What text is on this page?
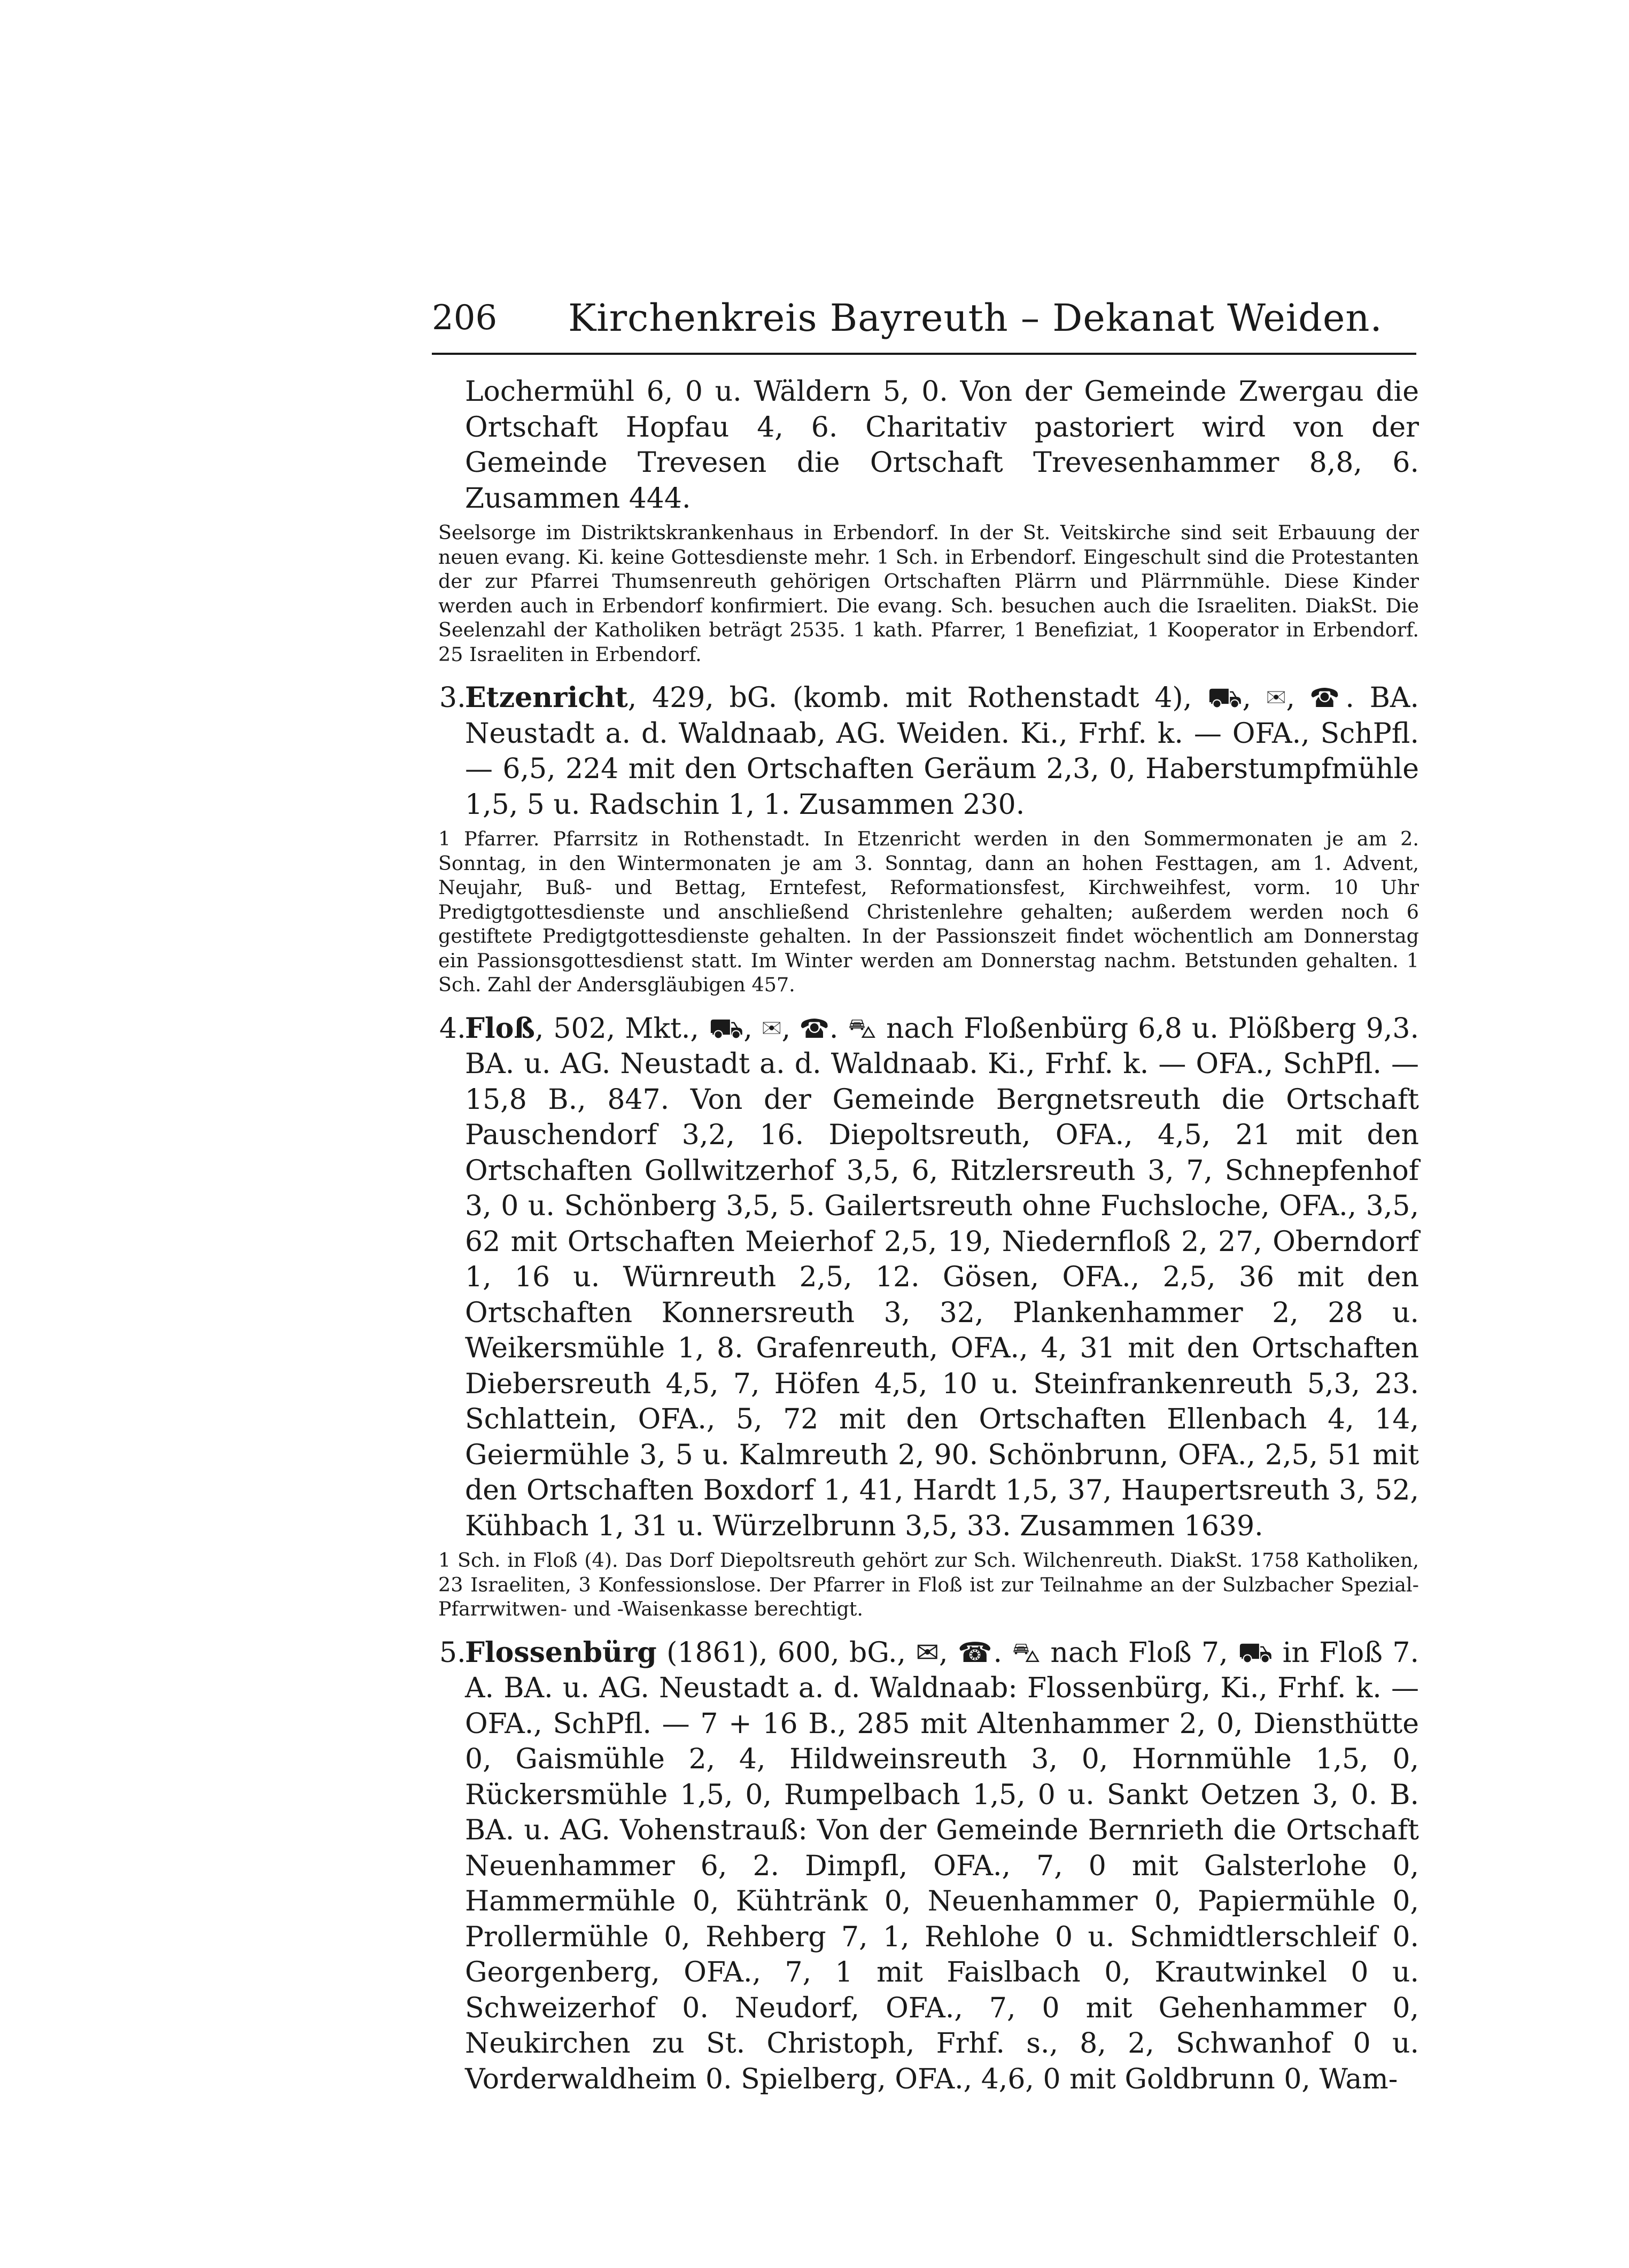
206 Kirchenkreis Bayreuth – Dekanat Weiden.

Lochermühl 6, 0 u. Wäldern 5, 0. Von der Gemeinde Zwergau die Ortschaft Hopfau 4, 6. Charitativ pastoriert wird von der Gemeinde Trevesen die Ortschaft Trevesenhammer 8,8, 6. Zusammen 444.

Seelsorge im Distriktskrankenhaus in Erbendorf. In der St. Veitskirche sind seit Erbauung der neuen evang. Ki. keine Gottesdienste mehr. 1 Sch. in Erbendorf. Eingeschult sind die Protestanten der zur Pfarrei Thumsenreuth gehörigen Ortschaften Plärrn und Plärrnmühle. Diese Kinder werden auch in Erbendorf konfirmiert. Die evang. Sch. besuchen auch die Israeliten. DiakSt. Die Seelenzahl der Katholiken beträgt 2535. 1 kath. Pfarrer, 1 Benefiziat, 1 Kooperator in Erbendorf. 25 Israeliten in Erbendorf.

3.

Etzenricht, 429, bG. (komb. mit Rothenstadt 4), ⛟, ✉, ☎. BA. Neustadt a. d. Waldnaab, AG. Weiden. Ki., Frhf. k. — OFA., SchPfl. — 6,5, 224 mit den Ortschaften Geräum 2,3, 0, Haberstumpfmühle 1,5, 5 u. Radschin 1, 1. Zusammen 230.

1 Pfarrer. Pfarrsitz in Rothenstadt. In Etzenricht werden in den Sommermonaten je am 2. Sonntag, in den Wintermonaten je am 3. Sonntag, dann an hohen Festtagen, am 1. Advent, Neujahr, Buß- und Bettag, Erntefest, Reformationsfest, Kirchweihfest, vorm. 10 Uhr Predigtgottesdienste und anschließend Christenlehre gehalten; außerdem werden noch 6 gestiftete Predigtgottesdienste gehalten. In der Passionszeit findet wöchentlich am Donnerstag ein Passionsgottesdienst statt. Im Winter werden am Donnerstag nachm. Betstunden gehalten. 1 Sch. Zahl der Andersgläubigen 457.

4.

Floß, 502, Mkt., ⛟, ✉, ☎. ⛍ nach Floßenbürg 6,8 u. Plößberg 9,3. BA. u. AG. Neustadt a. d. Waldnaab. Ki., Frhf. k. — OFA., SchPfl. — 15,8 B., 847. Von der Gemeinde Bergnetsreuth die Ortschaft Pauschendorf 3,2, 16. Diepoltsreuth, OFA., 4,5, 21 mit den Ortschaften Gollwitzerhof 3,5, 6, Ritzlersreuth 3, 7, Schnepfenhof 3, 0 u. Schönberg 3,5, 5. Gailertsreuth ohne Fuchsloche, OFA., 3,5, 62 mit Ortschaften Meierhof 2,5, 19, Niedernfloß 2, 27, Oberndorf 1, 16 u. Würnreuth 2,5, 12. Gösen, OFA., 2,5, 36 mit den Ortschaften Konnersreuth 3, 32, Plankenhammer 2, 28 u. Weikersmühle 1, 8. Grafenreuth, OFA., 4, 31 mit den Ortschaften Diebersreuth 4,5, 7, Höfen 4,5, 10 u. Steinfrankenreuth 5,3, 23. Schlattein, OFA., 5, 72 mit den Ortschaften Ellenbach 4, 14, Geiermühle 3, 5 u. Kalmreuth 2, 90. Schönbrunn, OFA., 2,5, 51 mit den Ortschaften Boxdorf 1, 41, Hardt 1,5, 37, Haupertsreuth 3, 52, Kühbach 1, 31 u. Würzelbrunn 3,5, 33. Zusammen 1639.

1 Sch. in Floß (4). Das Dorf Diepoltsreuth gehört zur Sch. Wilchenreuth. DiakSt. 1758 Katholiken, 23 Israeliten, 3 Konfessionslose. Der Pfarrer in Floß ist zur Teilnahme an der Sulzbacher Spezial-Pfarrwitwen- und -Waisenkasse berechtigt.

5.

Flossenbürg (1861), 600, bG., ✉, ☎. ⛍ nach Floß 7, ⛟ in Floß 7. A. BA. u. AG. Neustadt a. d. Waldnaab: Flossenbürg, Ki., Frhf. k. — OFA., SchPfl. — 7 + 16 B., 285 mit Altenhammer 2, 0, Diensthütte 0, Gaismühle 2, 4, Hildweinsreuth 3, 0, Hornmühle 1,5, 0, Rückersmühle 1,5, 0, Rumpelbach 1,5, 0 u. Sankt Oetzen 3, 0. B. BA. u. AG. Vohenstrauß: Von der Gemeinde Bernrieth die Ortschaft Neuenhammer 6, 2. Dimpfl, OFA., 7, 0 mit Galsterlohe 0, Hammermühle 0, Kühtränk 0, Neuenhammer 0, Papiermühle 0, Prollermühle 0, Rehberg 7, 1, Rehlohe 0 u. Schmidtlerschleif 0. Georgenberg, OFA., 7, 1 mit Faislbach 0, Krautwinkel 0 u. Schweizerhof 0. Neudorf, OFA., 7, 0 mit Gehenhammer 0, Neukirchen zu St. Christoph, Frhf. s., 8, 2, Schwanhof 0 u. Vorderwaldheim 0. Spielberg, OFA., 4,6, 0 mit Goldbrunn 0, Wam-
